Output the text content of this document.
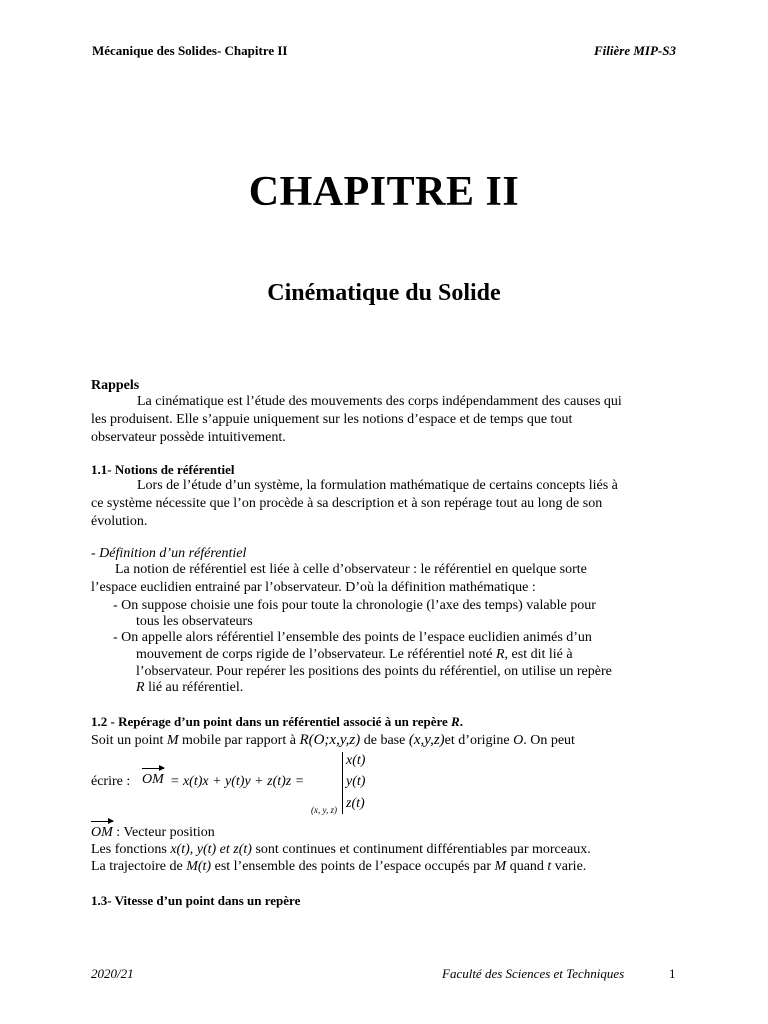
Mécanique des Solides- Chapitre II	Filière MIP-S3
CHAPITRE II
Cinématique du Solide
Rappels
La cinématique est l’étude des mouvements des corps indépendamment des causes qui
les produisent. Elle s’appuie uniquement sur les notions d’espace et de temps que tout
observateur possède intuitivement.
1.1- Notions de référentiel
Lors de l’étude d’un système, la formulation mathématique de certains concepts liés à
ce système nécessite que l’on procède à sa description et à son repérage tout au long de son
évolution.
- Définition d’un référentiel
La notion de référentiel est liée à celle d’observateur : le référentiel en quelque sorte
l’espace euclidien entrainé par l’observateur. D’où la définition mathématique :
- On suppose choisie une fois pour toute la chronologie (l’axe des temps) valable pour
tous les observateurs
- On appelle alors référentiel l’ensemble des points de l’espace euclidien animés d’un
mouvement de corps rigide de l’observateur. Le référentiel noté R, est dit lié à
l’observateur. Pour repérer les positions des points du référentiel, on utilise un repère
R lié au référentiel.
1.2 - Repérage d’un point dans un référentiel associé à un repère R.
Soit un point M mobile par rapport à R(O;x,y,z) de base (x,y,z)et d’origine O. On peut
écrire : OM = x(t)x + y(t)y + z(t)z =
(x, y, z)
x(t)
y(t)
z(t)
OM : Vecteur position
Les fonctions x(t), y(t) et z(t) sont continues et continument différentiables par morceaux.
La trajectoire de M(t) est l’ensemble des points de l’espace occupés par M quand t varie.
1.3- Vitesse d’un point dans un repère
2020/21	Faculté des Sciences et Techniques	1
